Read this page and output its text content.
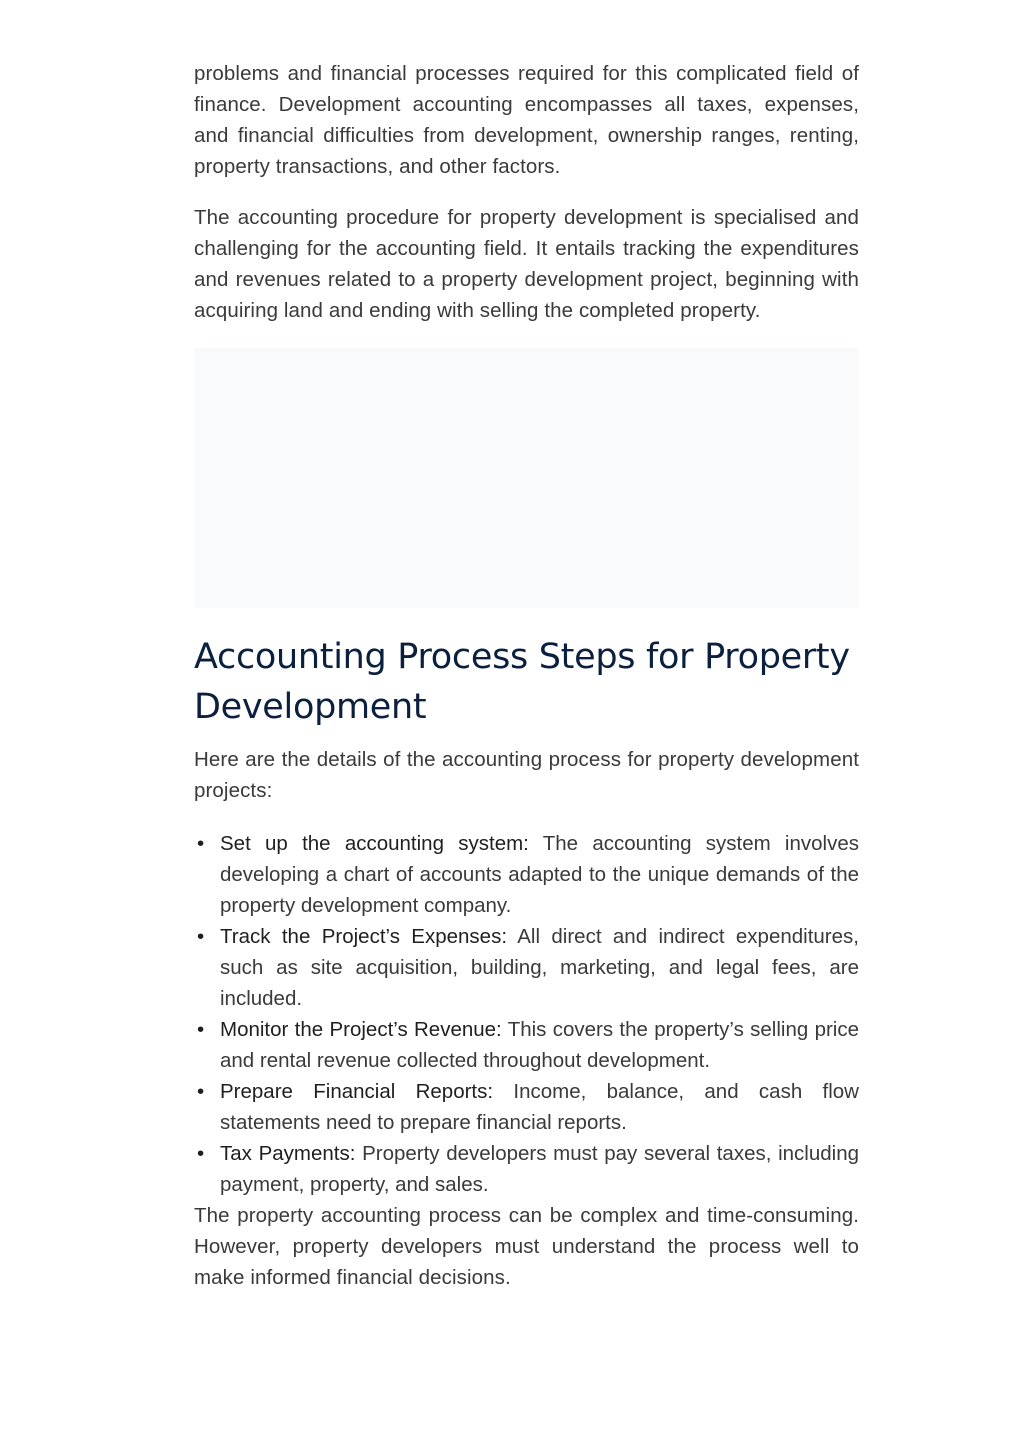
problems and financial processes required for this complicated field of finance. Development accounting encompasses all taxes, expenses, and financial difficulties from development, ownership ranges, renting, property transactions, and other factors.

The accounting procedure for property development is specialised and challenging for the accounting field. It entails tracking the expenditures and revenues related to a property development project, beginning with acquiring land and ending with selling the completed property.

Accounting Process Steps for Property Development

Here are the details of the accounting process for property development projects:

• Set up the accounting system: The accounting system involves developing a chart of accounts adapted to the unique demands of the property development company.
• Track the Project’s Expenses: All direct and indirect expenditures, such as site acquisition, building, marketing, and legal fees, are included.
• Monitor the Project’s Revenue: This covers the property’s selling price and rental revenue collected throughout development.
• Prepare Financial Reports: Income, balance, and cash flow statements need to prepare financial reports.
• Tax Payments: Property developers must pay several taxes, including payment, property, and sales.

The property accounting process can be complex and time-consuming. However, property developers must understand the process well to make informed financial decisions.
